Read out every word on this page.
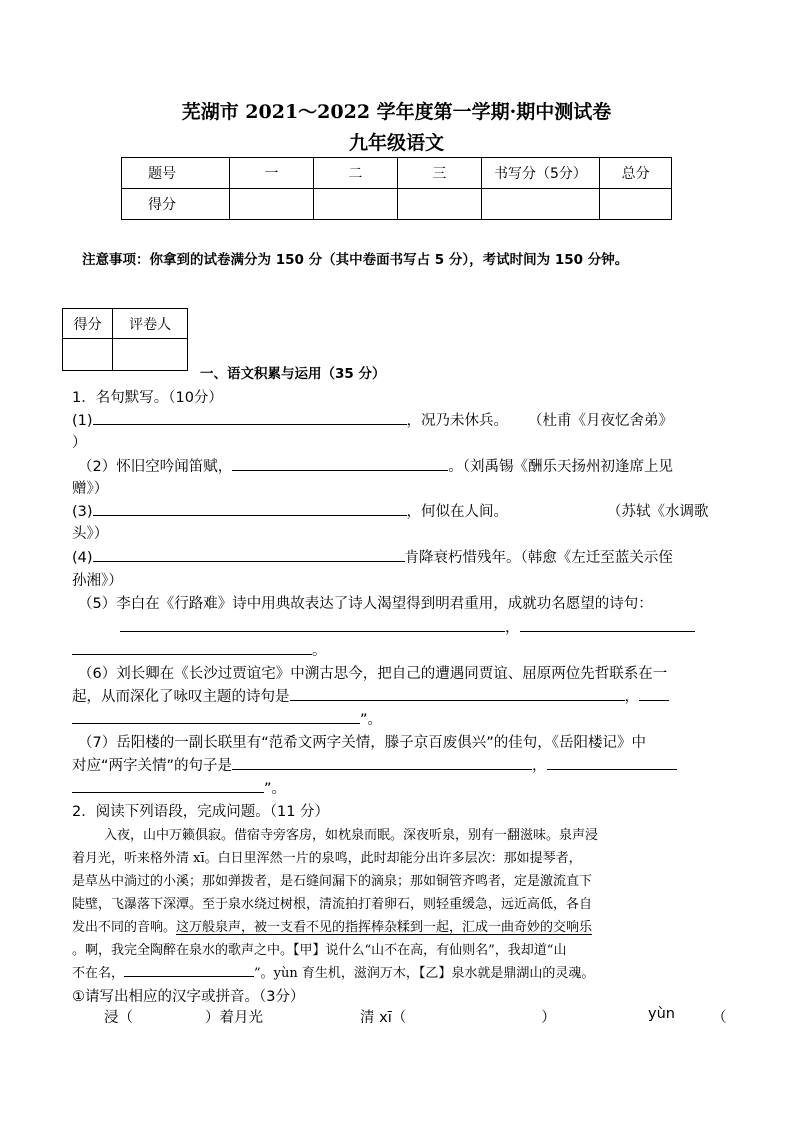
芜湖市 2021～2022 学年度第一学期·期中测试卷
九年级语文
题号	一	二	三	书写分（5分）	总分
得分					
注意事项：你拿到的试卷满分为 150 分（其中卷面书写占 5 分），考试时间为 150 分钟。
得分	评卷人

一、语文积累与运用（35 分）
1．名句默写。（10分）
(1)	，况乃未休兵。 （杜甫《月夜忆舍弟》
）
（2）怀旧空吟闻笛赋，	。（刘禹锡《酬乐天扬州初逢席上见
赠》）
(3)	，何似在人间。	（苏轼《水调歌
头》）
(4)	肯降衰朽惜残年。（韩愈《左迁至蓝关示侄
孙湘》）
（5）李白在《行路难》诗中用典故表达了诗人渴望得到明君重用，成就功名愿望的诗句：
，
。
（6）刘长卿在《长沙过贾谊宅》中溯古思今，把自己的遭遇同贾谊、屈原两位先哲联系在一
起，从而深化了咏叹主题的诗句是	，
”。
（7）岳阳楼的一副长联里有“范希文两字关情，滕子京百废俱兴”的佳句，《岳阳楼记》中
对应“两字关情”的句子是	，
”。
2．阅读下列语段，完成问题。（11 分）
入夜，山中万籁俱寂。借宿寺旁客房，如枕泉而眠。深夜听泉，别有一翻滋味。泉声浸
着月光，听来格外清 xī。白日里浑然一片的泉鸣，此时却能分出许多层次：那如提琴者，
是草丛中淌过的小溪；那如弹拨者，是石缝间漏下的滴泉；那如铜管齐鸣者，定是激流直下
陡壁，飞瀑落下深潭。至于泉水绕过树根，清流拍打着卵石，则轻重缓急，远近高低，各自
发出不同的音响。这万般泉声，被一支看不见的指挥棒杂糅到一起，汇成一曲奇妙的交响乐
。啊，我完全陶醉在泉水的歌声之中。【甲】说什么“山不在高，有仙则名”，我却道“山
不在名，	”。yùn 育生机，滋润万木，【乙】泉水就是鼎湖山的灵魂。
①请写出相应的汉字或拼音。（3分）
浸（	）着月光	清 xī（	）	yùn	（
